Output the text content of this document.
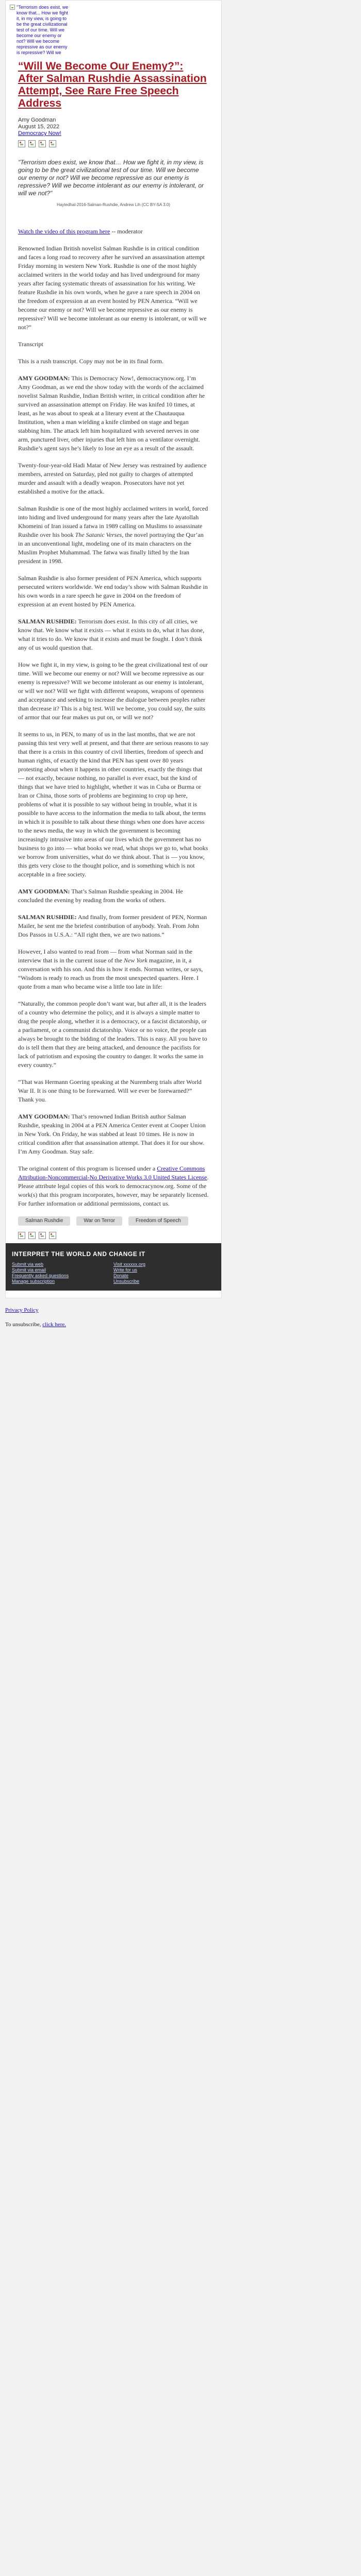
"Terrorism does exist, we know that... How we fight it, in my view, is going to be the great civilizational test of our time. Will we become our enemy or not? Will we become repressive as our enemy is repressive? Will we
“Will We Become Our Enemy?”: After Salman Rushdie Assassination Attempt, See Rare Free Speech Address
Amy Goodman
August 15, 2022
Democracy Now!

"Terrorism does exist, we know that… How we fight it, in my view, is going to be the great civilizational test of our time. Will we become our enemy or not? Will we become repressive as our enemy is repressive? Will we become intolerant as our enemy is intolerant, or will we not?"

Haytedhal-2016-Salman-Rushdie, Andrew Lih (CC BY-SA 3.0)

Watch the video of this program here -- moderator

Renowned Indian British novelist Salman Rushdie is in critical condition and faces a long road to recovery after he survived an assassination attempt Friday morning in western New York. Rushdie is one of the most highly acclaimed writers in the world today and has lived underground for many years after facing systematic threats of assassination for his writing. We feature Rushdie in his own words, when he gave a rare speech in 2004 on the freedom of expression at an event hosted by PEN America. “Will we become our enemy or not? Will we become repressive as our enemy is repressive? Will we become intolerant as our enemy is intolerant, or will we not?”

Transcript

This is a rush transcript. Copy may not be in its final form.

AMY GOODMAN: This is Democracy Now!, democracynow.org. I’m Amy Goodman, as we end the show today with the words of the acclaimed novelist Salman Rushdie, Indian British writer, in critical condition after he survived an assassination attempt on Friday. He was knifed 10 times, at least, as he was about to speak at a literary event at the Chautauqua Institution, when a man wielding a knife climbed on stage and began stabbing him. The attack left him hospitalized with severed nerves in one arm, punctured liver, other injuries that left him on a ventilator overnight. Rushdie’s agent says he’s likely to lose an eye as a result of the assault.

Twenty-four-year-old Hadi Matar of New Jersey was restrained by audience members, arrested on Saturday, pled not guilty to charges of attempted murder and assault with a deadly weapon. Prosecutors have not yet established a motive for the attack.

Salman Rushdie is one of the most highly acclaimed writers in world, forced into hiding and lived underground for many years after the late Ayatollah Khomeini of Iran issued a fatwa in 1989 calling on Muslims to assassinate Rushdie over his book The Satanic Verses, the novel portraying the Qur’an in an unconventional light, modeling one of its main characters on the Muslim Prophet Muhammad. The fatwa was finally lifted by the Iran president in 1998.

Salman Rushdie is also former president of PEN America, which supports persecuted writers worldwide. We end today’s show with Salman Rushdie in his own words in a rare speech he gave in 2004 on the freedom of expression at an event hosted by PEN America.

SALMAN RUSHDIE: Terrorism does exist. In this city of all cities, we know that. We know what it exists — what it exists to do, what it has done, what it tries to do. We know that it exists and must be fought. I don’t think any of us would question that.

How we fight it, in my view, is going to be the great civilizational test of our time. Will we become our enemy or not? Will we become repressive as our enemy is repressive? Will we become intolerant as our enemy is intolerant, or will we not? Will we fight with different weapons, weapons of openness and acceptance and seeking to increase the dialogue between peoples rather than decrease it? This is a big test. Will we become, you could say, the suits of armor that our fear makes us put on, or will we not?

It seems to us, in PEN, to many of us in the last months, that we are not passing this test very well at present, and that there are serious reasons to say that there is a crisis in this country of civil liberties, freedom of speech and human rights, of exactly the kind that PEN has spent over 80 years protesting about when it happens in other countries, exactly the things that — not exactly, because nothing, no parallel is ever exact, but the kind of things that we have tried to highlight, whether it was in Cuba or Burma or Iran or China, those sorts of problems are beginning to crop up here, problems of what it is possible to say without being in trouble, what it is possible to have access to the information the media to talk about, the terms in which it is possible to talk about these things when one does have access to the news media, the way in which the government is becoming increasingly intrusive into areas of our lives which the government has no business to go into — what books we read, what shops we go to, what books we borrow from universities, what do we think about. That is — you know, this gets very close to the thought police, and is something which is not acceptable in a free society.

AMY GOODMAN: That’s Salman Rushdie speaking in 2004. He concluded the evening by reading from the works of others.

SALMAN RUSHDIE: And finally, from former president of PEN, Norman Mailer, he sent me the briefest contribution of anybody. Yeah. From John Dos Passos in U.S.A.: “All right then, we are two nations.”

However, I also wanted to read from — from what Norman said in the interview that is in the current issue of the New York magazine, in it, a conversation with his son. And this is how it ends. Norman writes, or says, “Wisdom is ready to reach us from the most unexpected quarters. Here. I quote from a man who became wise a little too late in life:

“Naturally, the common people don’t want war, but after all, it is the leaders of a country who determine the policy, and it is always a simple matter to drag the people along, whether it is a democracy, or a fascist dictatorship, or a parliament, or a communist dictatorship. Voice or no voice, the people can always be brought to the bidding of the leaders. This is easy. All you have to do is tell them that they are being attacked, and denounce the pacifists for lack of patriotism and exposing the country to danger. It works the same in every country.”

“That was Hermann Goering speaking at the Nuremberg trials after World War II. It is one thing to be forewarned. Will we ever be forewarned?” Thank you.

AMY GOODMAN: That’s renowned Indian British author Salman Rushdie, speaking in 2004 at a PEN America Center event at Cooper Union in New York. On Friday, he was stabbed at least 10 times. He is now in critical condition after that assassination attempt. That does it for our show. I’m Amy Goodman. Stay safe.

The original content of this program is licensed under a Creative Commons Attribution-Noncommercial-No Derivative Works 3.0 United States License. Please attribute legal copies of this work to democracynow.org. Some of the work(s) that this program incorporates, however, may be separately licensed. For further information or additional permissions, contact us.

Salman Rushdie	War on Terror	Freedom of Speech
INTERPRET THE WORLD AND CHANGE IT
Submit via web
Submit via email
Frequently asked questions
Manage subscription
Visit xxxxxx.org
Write for us
Donate
Unsubscribe
Privacy Policy
To unsubscribe, click here.
